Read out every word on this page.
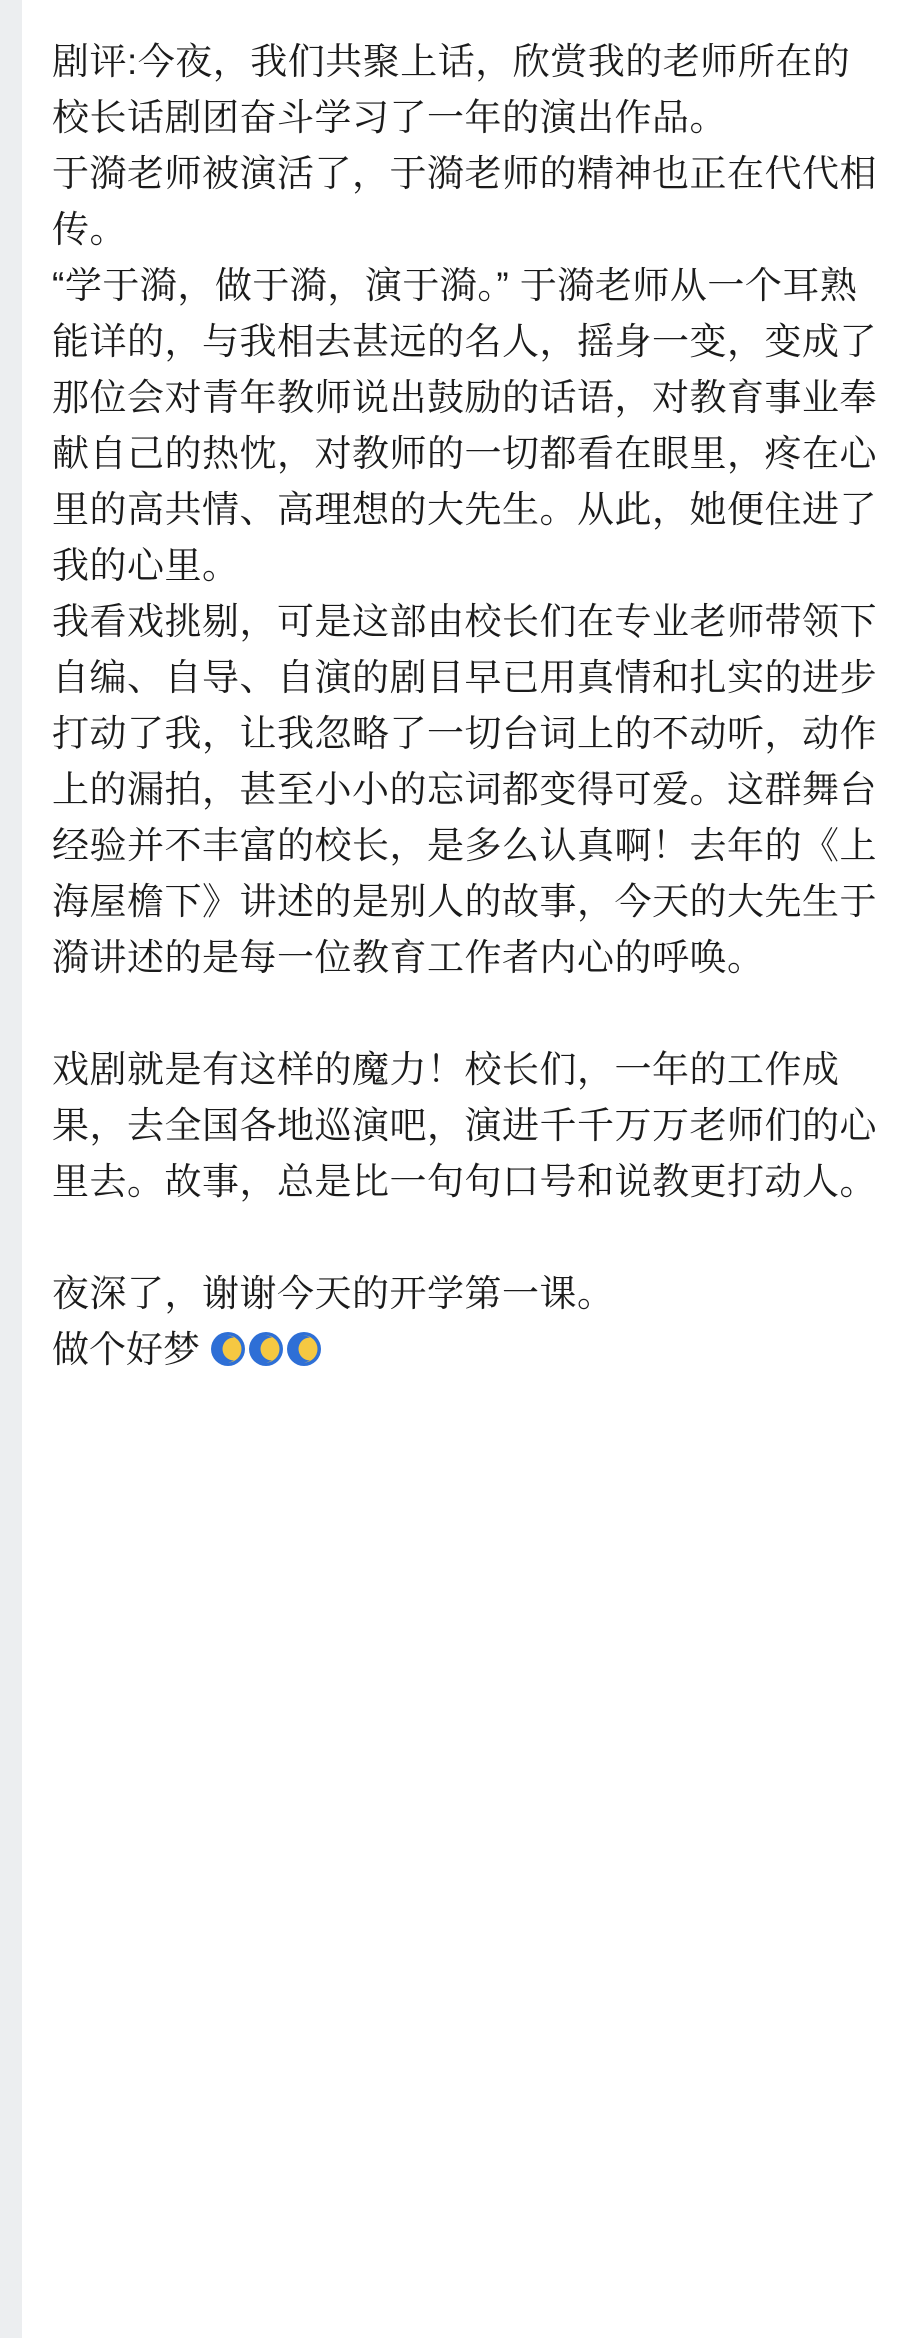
剧评:今夜，我们共聚上话，欣赏我的老师所在的校长话剧团奋斗学习了一年的演出作品。

于漪老师被演活了，于漪老师的精神也正在代代相传。

“学于漪，做于漪，演于漪。” 于漪老师从一个耳熟能详的，与我相去甚远的名人，摇身一变，变成了那位会对青年教师说出鼓励的话语，对教育事业奉献自己的热忱，对教师的一切都看在眼里，疼在心里的高共情、高理想的大先生。从此，她便住进了我的心里。

我看戏挑剔，可是这部由校长们在专业老师带领下自编、自导、自演的剧目早已用真情和扎实的进步打动了我，让我忽略了一切台词上的不动听，动作上的漏拍，甚至小小的忘词都变得可爱。这群舞台经验并不丰富的校长，是多么认真啊！去年的《上海屋檐下》讲述的是别人的故事，今天的大先生于漪讲述的是每一位教育工作者内心的呼唤。

戏剧就是有这样的魔力！校长们，一年的工作成果，去全国各地巡演吧，演进千千万万老师们的心里去。故事，总是比一句句口号和说教更打动人。

夜深了，谢谢今天的开学第一课。

做个好梦
